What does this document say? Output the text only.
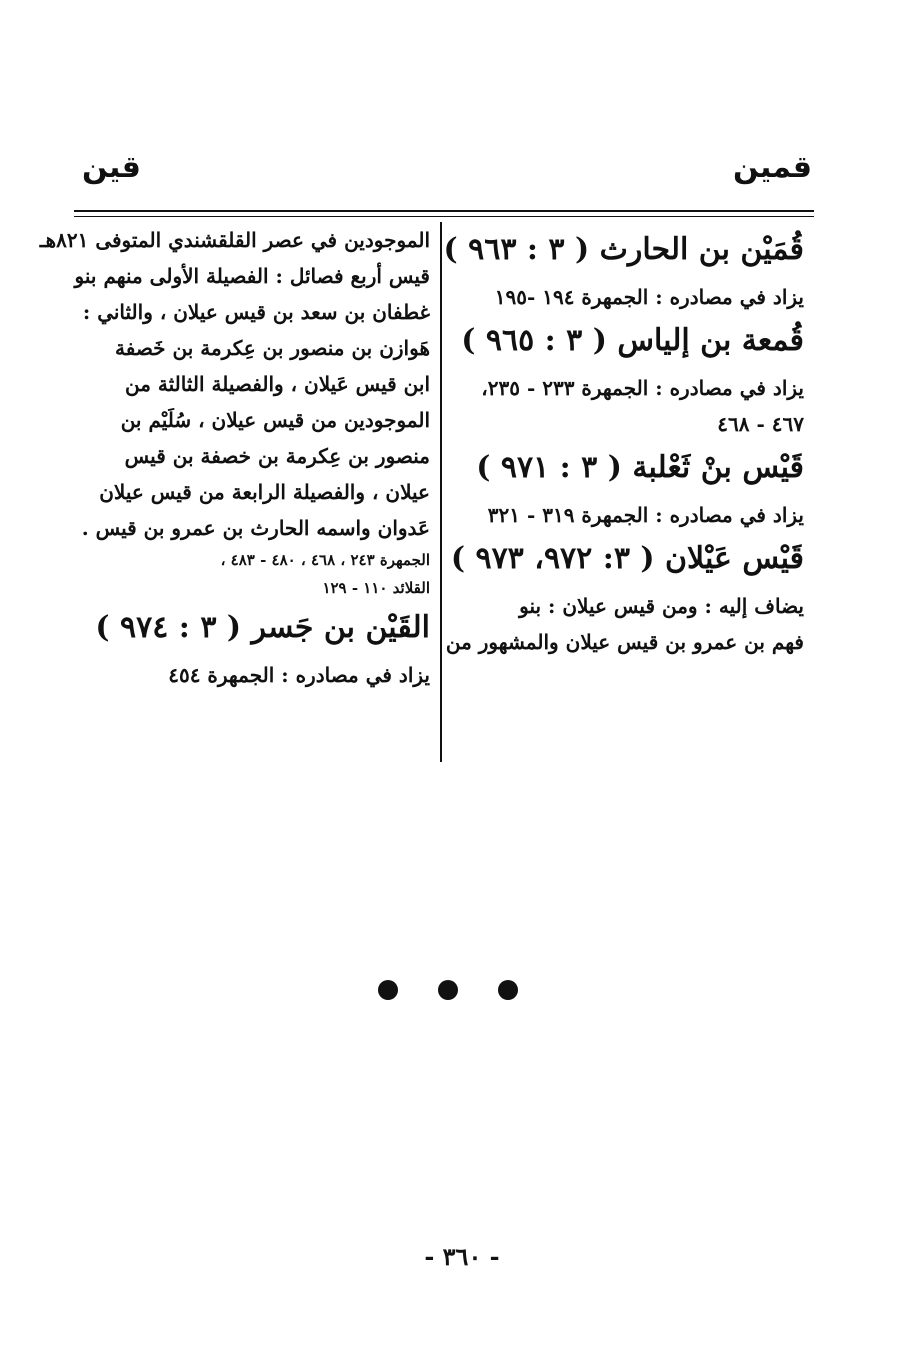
قمين
قين
قُمَيْن بن الحارث ( ٣ : ٩٦٣ )
يزاد في مصادره : الجمهرة ١٩٤ -١٩٥
قُمعة بن إلياس ( ٣ : ٩٦٥ )
يزاد في مصادره : الجمهرة ٢٣٣ - ٢٣٥،
٤٦٧ - ٤٦٨
قَيْس بنْ ثَعْلبة ( ٣ : ٩٧١ )
يزاد في مصادره : الجمهرة ٣١٩ - ٣٢١
قَيْس عَيْلان ( ٣: ٩٧٢، ٩٧٣ )
يضاف إليه : ومن قيس عيلان : بنو
فهم بن عمرو بن قيس عيلان والمشهور من
الموجودين في عصر القلقشندي المتوفى ٨٢١هـ
قيس أربع فصائل : الفصيلة الأولى منهم بنو
غطفان بن سعد بن قيس عيلان ، والثاني :
هَوازن بن منصور بن عِكرمة بن خَصفة
ابن قيس عَيلان ، والفصيلة الثالثة من
الموجودين من قيس عيلان ، سُلَيْم بن
منصور بن عِكرمة بن خصفة بن قيس
عيلان ، والفصيلة الرابعة من قيس عيلان
عَدوان واسمه الحارث بن عمرو بن قيس .
الجمهرة ٢٤٣ ، ٤٦٨ ، ٤٨٠ - ٤٨٣ ،
القلائد ١١٠ - ١٢٩
القَيْن بن جَسر ( ٣ : ٩٧٤ )
يزاد في مصادره : الجمهرة ٤٥٤
- ٣٦٠ -
